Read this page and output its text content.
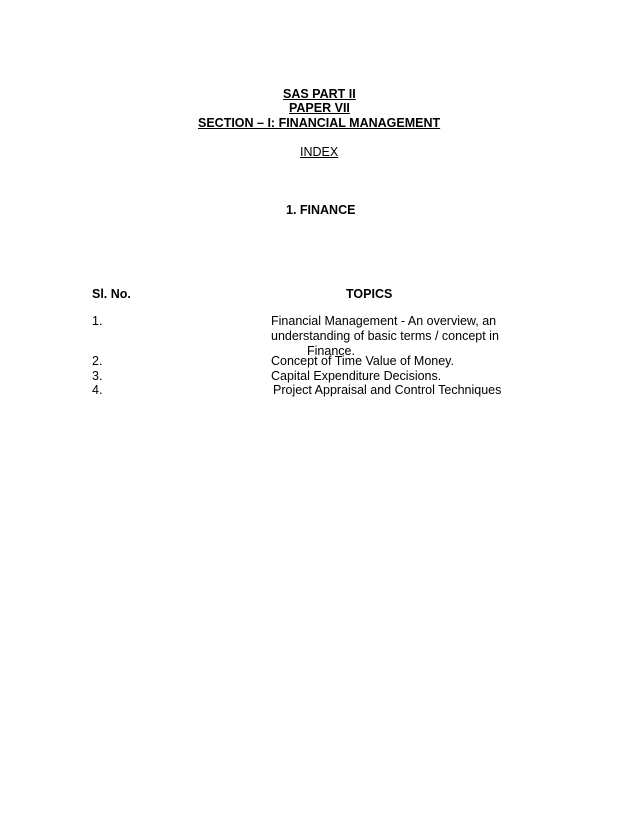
SAS PART II
PAPER VII
SECTION – I: FINANCIAL MANAGEMENT
INDEX
1. FINANCE
Sl. No.	TOPICS
1.	Financial Management - An overview, an
understanding of basic terms / concept in
Finance.
2.	Concept of Time Value of Money.
3.	Capital Expenditure Decisions.
4.	Project Appraisal and Control Techniques
